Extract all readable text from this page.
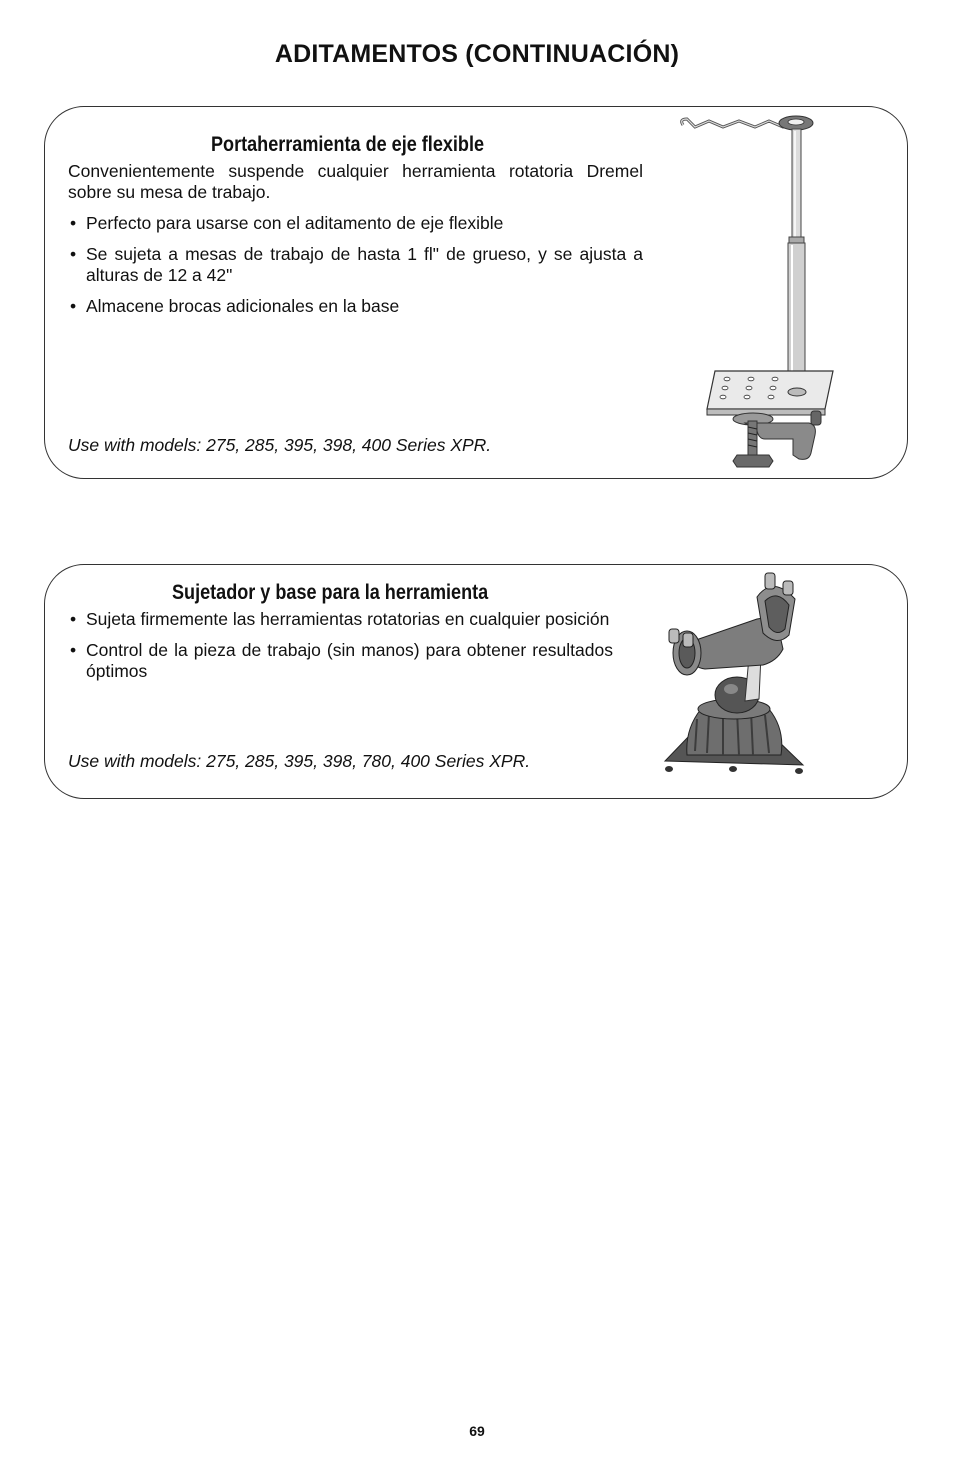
ADITAMENTOS (CONTINUACIÓN)
Portaherramienta de eje flexible
Convenientemente suspende cualquier herramienta rotatoria Dremel sobre su mesa de trabajo.
• Perfecto para usarse con el aditamento de eje flexible
• Se sujeta a mesas de trabajo de hasta 1 fl" de grueso, y se ajusta a alturas de 12 a 42"
• Almacene brocas adicionales en la base
Use with models: 275, 285, 395, 398, 400 Series XPR.
Sujetador y base para la herramienta
• Sujeta firmemente las herramientas rotatorias en cualquier posición
• Control de la pieza de trabajo (sin manos) para obtener resultados óptimos
Use with models: 275, 285, 395, 398, 780, 400 Series XPR.
69
